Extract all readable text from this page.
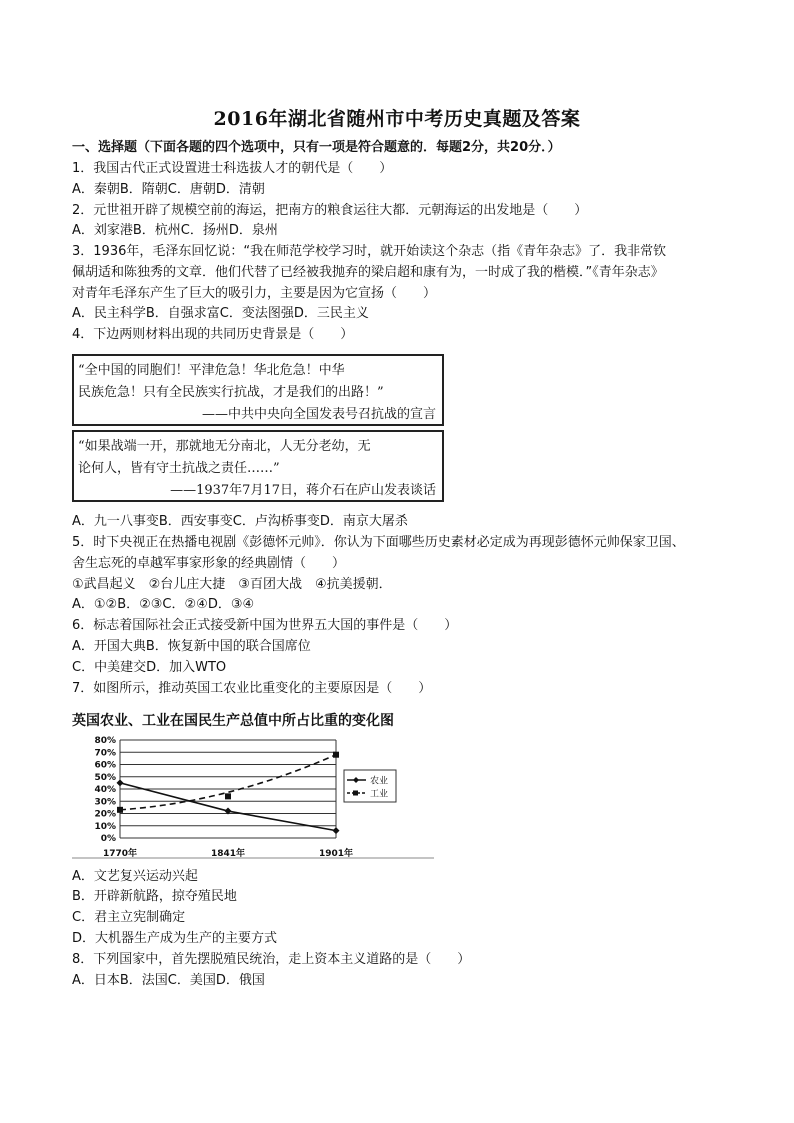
2016年湖北省随州市中考历史真题及答案
一、选择题（下面各题的四个选项中，只有一项是符合题意的．每题2分，共20分．）
1．我国古代正式设置进士科选拔人才的朝代是（　　）
A．秦朝B．隋朝C．唐朝D．清朝
2．元世祖开辟了规模空前的海运，把南方的粮食运往大都．元朝海运的出发地是（　　）
A．刘家港B．杭州C．扬州D．泉州
3．1936年，毛泽东回忆说：“我在师范学校学习时，就开始读这个杂志（指《青年杂志》了．我非常钦
佩胡适和陈独秀的文章．他们代替了已经被我抛弃的梁启超和康有为，一时成了我的楷模．”《青年杂志》
对青年毛泽东产生了巨大的吸引力，主要是因为它宣扬（　　）
A．民主科学B．自强求富C．变法图强D．三民主义
4．下边两则材料出现的共同历史背景是（　　）
“全中国的同胞们！平津危急！华北危急！中华
民族危急！只有全民族实行抗战，才是我们的出路！”
——中共中央向全国发表号召抗战的宣言
“如果战端一开，那就地无分南北，人无分老幼，无
论何人，皆有守土抗战之责任……”
——1937年7月17日，蒋介石在庐山发表谈话
A．九一八事变B．西安事变C．卢沟桥事变D．南京大屠杀
5．时下央视正在热播电视剧《彭德怀元帅》．你认为下面哪些历史素材必定成为再现彭德怀元帅保家卫国、
舍生忘死的卓越军事家形象的经典剧情（　　）
①武昌起义　②台儿庄大捷　③百团大战　④抗美援朝．
A．①②B．②③C．②④D．③④
6．标志着国际社会正式接受新中国为世界五大国的事件是（　　）
A．开国大典B．恢复新中国的联合国席位
C．中美建交D．加入WTO
7．如图所示，推动英国工农业比重变化的主要原因是（　　）
英国农业、工业在国民生产总值中所占比重的变化图
80%
70%
60%
50%
40%
30%
20%
10%
0%
1770年	1841年	1901年
农业
工业
A．文艺复兴运动兴起
B．开辟新航路，掠夺殖民地
C．君主立宪制确定
D．大机器生产成为生产的主要方式
8．下列国家中，首先摆脱殖民统治，走上资本主义道路的是（　　）
A．日本B．法国C．美国D．俄国
